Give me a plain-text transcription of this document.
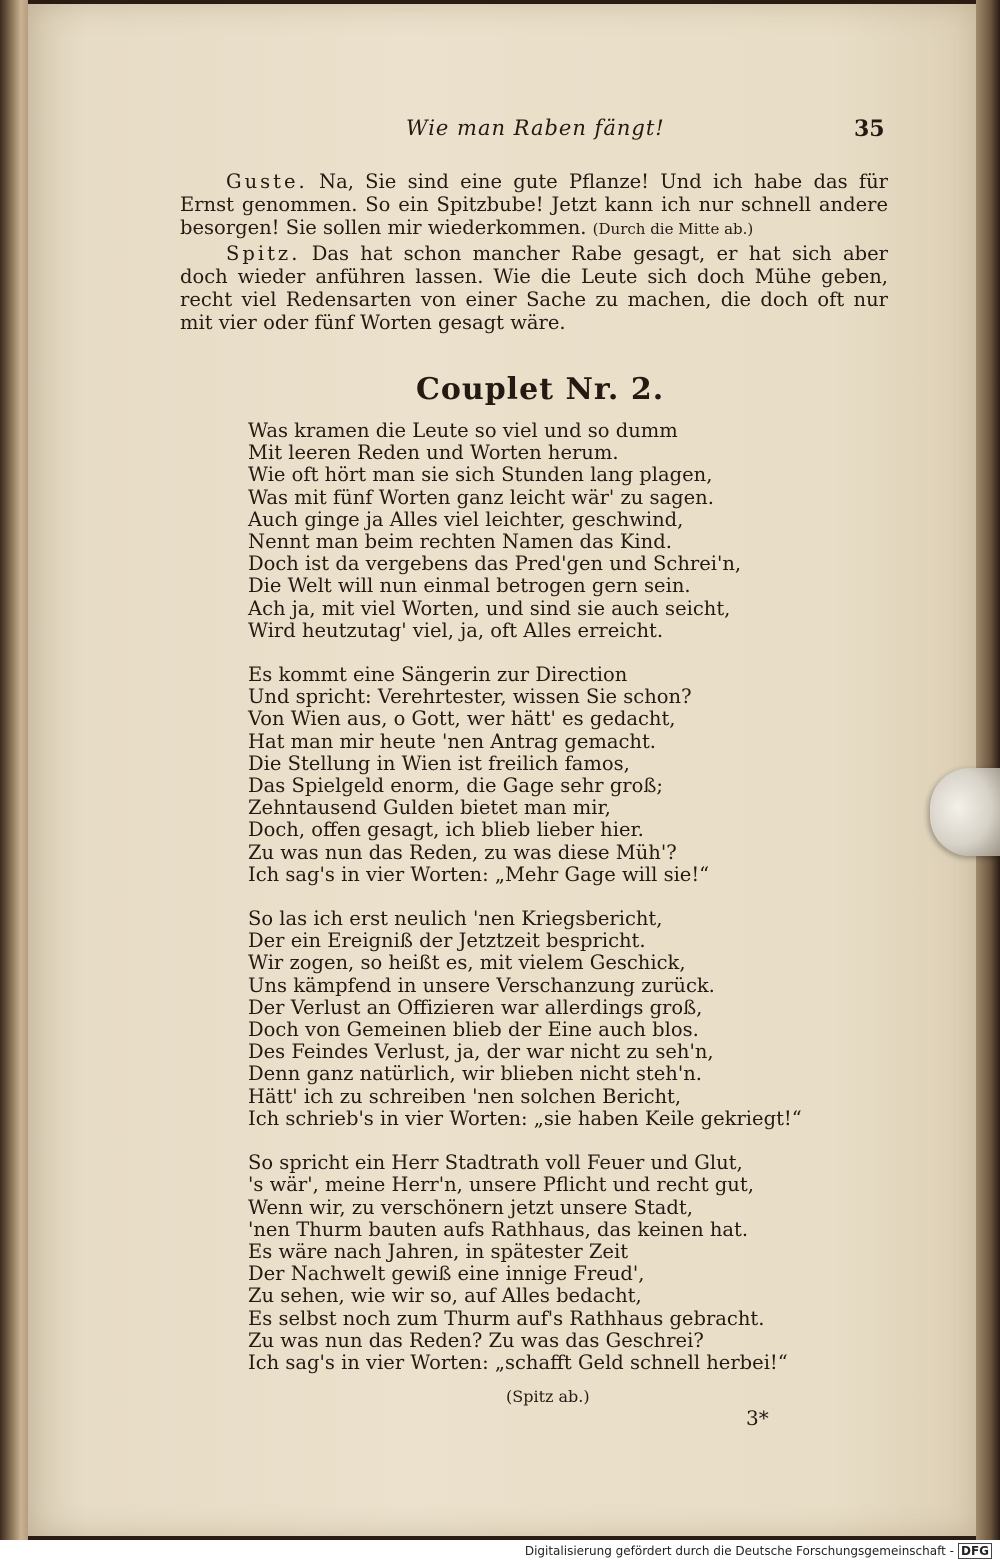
Wie man Raben fängt!	35

Guste. Na, Sie sind eine gute Pflanze! Und ich habe das für Ernst genommen. So ein Spitzbube! Jetzt kann ich nur schnell andere besorgen! Sie sollen mir wiederkommen. (Durch die Mitte ab.)

Spitz. Das hat schon mancher Rabe gesagt, er hat sich aber doch wieder anführen lassen. Wie die Leute sich doch Mühe geben, recht viel Redensarten von einer Sache zu machen, die doch oft nur mit vier oder fünf Worten gesagt wäre.

Couplet Nr. 2.
Was kramen die Leute so viel und so dumm
Mit leeren Reden und Worten herum.
Wie oft hört man sie sich Stunden lang plagen,
Was mit fünf Worten ganz leicht wär' zu sagen.
Auch ginge ja Alles viel leichter, geschwind,
Nennt man beim rechten Namen das Kind.
Doch ist da vergebens das Pred'gen und Schrei'n,
Die Welt will nun einmal betrogen gern sein.
Ach ja, mit viel Worten, und sind sie auch seicht,
Wird heutzutag' viel, ja, oft Alles erreicht.
Es kommt eine Sängerin zur Direction
Und spricht: Verehrtester, wissen Sie schon?
Von Wien aus, o Gott, wer hätt' es gedacht,
Hat man mir heute 'nen Antrag gemacht.
Die Stellung in Wien ist freilich famos,
Das Spielgeld enorm, die Gage sehr groß;
Zehntausend Gulden bietet man mir,
Doch, offen gesagt, ich blieb lieber hier.
Zu was nun das Reden, zu was diese Müh'?
Ich sag's in vier Worten: „Mehr Gage will sie!“
So las ich erst neulich 'nen Kriegsbericht,
Der ein Ereigniß der Jetztzeit bespricht.
Wir zogen, so heißt es, mit vielem Geschick,
Uns kämpfend in unsere Verschanzung zurück.
Der Verlust an Offizieren war allerdings groß,
Doch von Gemeinen blieb der Eine auch blos.
Des Feindes Verlust, ja, der war nicht zu seh'n,
Denn ganz natürlich, wir blieben nicht steh'n.
Hätt' ich zu schreiben 'nen solchen Bericht,
Ich schrieb's in vier Worten: „sie haben Keile gekriegt!“
So spricht ein Herr Stadtrath voll Feuer und Glut,
's wär', meine Herr'n, unsere Pflicht und recht gut,
Wenn wir, zu verschönern jetzt unsere Stadt,
'nen Thurm bauten aufs Rathhaus, das keinen hat.
Es wäre nach Jahren, in spätester Zeit
Der Nachwelt gewiß eine innige Freud',
Zu sehen, wie wir so, auf Alles bedacht,
Es selbst noch zum Thurm auf's Rathhaus gebracht.
Zu was nun das Reden? Zu was das Geschrei?
Ich sag's in vier Worten: „schafft Geld schnell herbei!“
(Spitz ab.)
3*
Digitalisierung gefördert durch die Deutsche Forschungsgemeinschaft - DFG
